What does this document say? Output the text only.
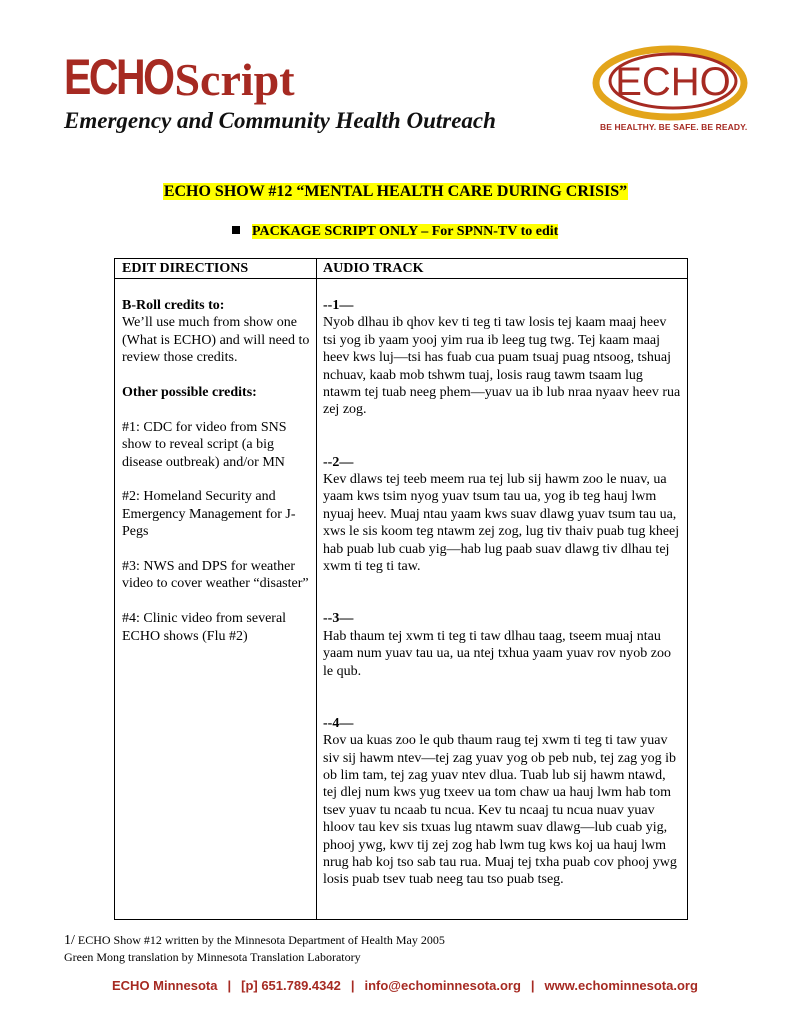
ECHOScript
Emergency and Community Health Outreach
ECHO
BE HEALTHY. BE SAFE. BE READY.
ECHO SHOW #12 “MENTAL HEALTH CARE DURING CRISIS”
PACKAGE SCRIPT ONLY – For SPNN-TV to edit
EDIT DIRECTIONS	AUDIO TRACK

B-Roll credits to:

We’ll use much from show one (What is ECHO) and will need to review those credits.

Other possible credits:

#1: CDC for video from SNS show to reveal script (a big disease outbreak) and/or MN

#2: Homeland Security and Emergency Management for J-Pegs

#3: NWS and DPS for weather video to cover weather “disaster”

#4: Clinic video from several ECHO shows (Flu #2)

--1—

Nyob dlhau ib qhov kev ti teg ti taw losis tej kaam maaj heev tsi yog ib yaam yooj yim rua ib leeg tug twg. Tej kaam maaj heev kws luj—tsi has fuab cua puam tsuaj puag ntsoog, tshuaj nchuav, kaab mob tshwm tuaj, losis raug tawm tsaam lug ntawm tej tuab neeg phem—yuav ua ib lub nraa nyaav heev rua zej zog.

--2—

Kev dlaws tej teeb meem rua tej lub sij hawm zoo le nuav, ua yaam kws tsim nyog yuav tsum tau ua, yog ib teg hauj lwm nyuaj heev. Muaj ntau yaam kws suav dlawg yuav tsum tau ua, xws le sis koom teg ntawm zej zog, lug tiv thaiv puab tug kheej hab puab lub cuab yig—hab lug paab suav dlawg tiv dlhau tej xwm ti teg ti taw.

--3—

Hab thaum tej xwm ti teg ti taw dlhau taag, tseem muaj ntau yaam num yuav tau ua, ua ntej txhua yaam yuav rov nyob zoo le qub.

--4—

Rov ua kuas zoo le qub thaum raug tej xwm ti teg ti taw yuav siv sij hawm ntev—tej zag yuav yog ob peb nub, tej zag yog ib ob lim tam, tej zag yuav ntev dlua. Tuab lub sij hawm ntawd, tej dlej num kws yug txeev ua tom chaw ua hauj lwm hab tom tsev yuav tu ncaab tu ncua. Kev tu ncaaj tu ncua nuav yuav hloov tau kev sis txuas lug ntawm suav dlawg—lub cuab yig, phooj ywg, kwv tij zej zog hab lwm tug kws koj ua hauj lwm nrug hab koj tso sab tau rua. Muaj tej txha puab cov phooj ywg losis puab tsev tuab neeg tau tso puab tseg.

1/ ECHO Show #12 written by the Minnesota Department of Health May 2005
Green Mong translation by Minnesota Translation Laboratory
ECHO Minnesota | [p] 651.789.4342 | info@echominnesota.org | www.echominnesota.org
